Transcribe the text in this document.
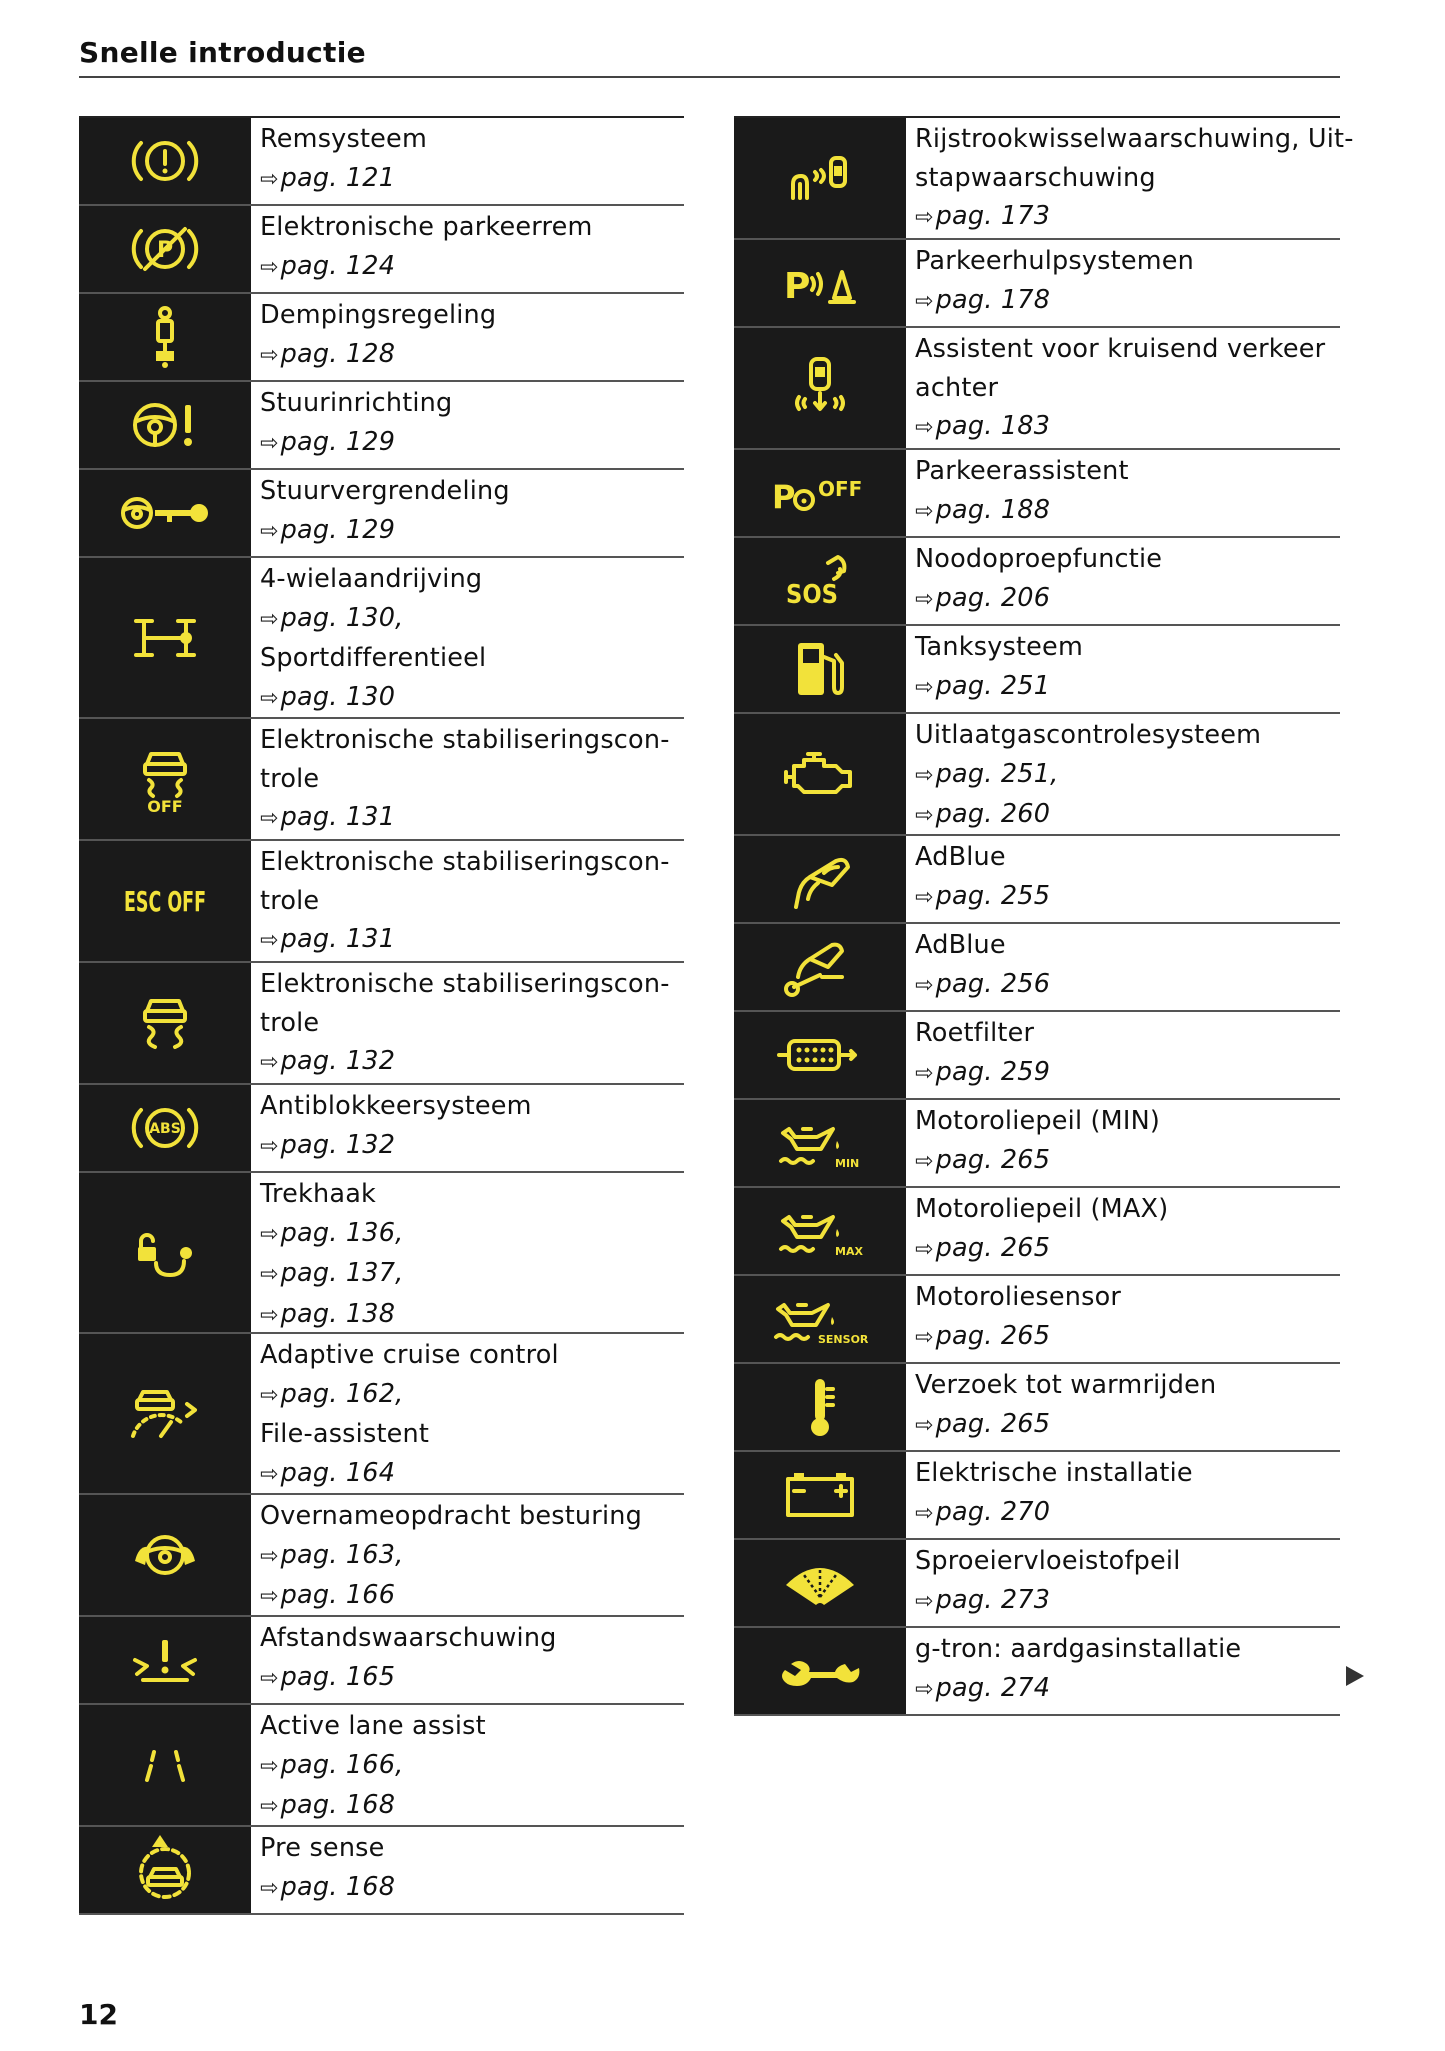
Snelle introductie
Remsysteem
⇨pag. 121
P
Elektronische parkeerrem
⇨pag. 124
Dempingsregeling
⇨pag. 128
Stuurinrichting
⇨pag. 129
Stuurvergrendeling
⇨pag. 129
4-wielaandrijving
⇨pag. 130,
Sportdifferentieel
⇨pag. 130
OFF
Elektronische stabiliseringscon-
trole
⇨pag. 131
ESC OFF
Elektronische stabiliseringscon-
trole
⇨pag. 131
Elektronische stabiliseringscon-
trole
⇨pag. 132
ABS
Antiblokkeersysteem
⇨pag. 132
Trekhaak
⇨pag. 136,
⇨pag. 137,
⇨pag. 138
Adaptive cruise control
⇨pag. 162,
File-assistent
⇨pag. 164
Overnameopdracht besturing
⇨pag. 163,
⇨pag. 166
Afstandswaarschuwing
⇨pag. 165
Active lane assist
⇨pag. 166,
⇨pag. 168
Pre sense
⇨pag. 168
Rijstrookwisselwaarschuwing, Uit-
stapwaarschuwing
⇨pag. 173
P
Parkeerhulpsystemen
⇨pag. 178
Assistent voor kruisend verkeer
achter
⇨pag. 183
P OFF
Parkeerassistent
⇨pag. 188
SOS
Noodoproepfunctie
⇨pag. 206
Tanksysteem
⇨pag. 251
Uitlaatgascontrolesysteem
⇨pag. 251,
⇨pag. 260
AdBlue
⇨pag. 255
AdBlue
⇨pag. 256
Roetfilter
⇨pag. 259
MIN
Motoroliepeil (MIN)
⇨pag. 265
MAX
Motoroliepeil (MAX)
⇨pag. 265
SENSOR
Motoroliesensor
⇨pag. 265
Verzoek tot warmrijden
⇨pag. 265
Elektrische installatie
⇨pag. 270
Sproeiervloeistofpeil
⇨pag. 273
g-tron: aardgasinstallatie
⇨pag. 274
12
